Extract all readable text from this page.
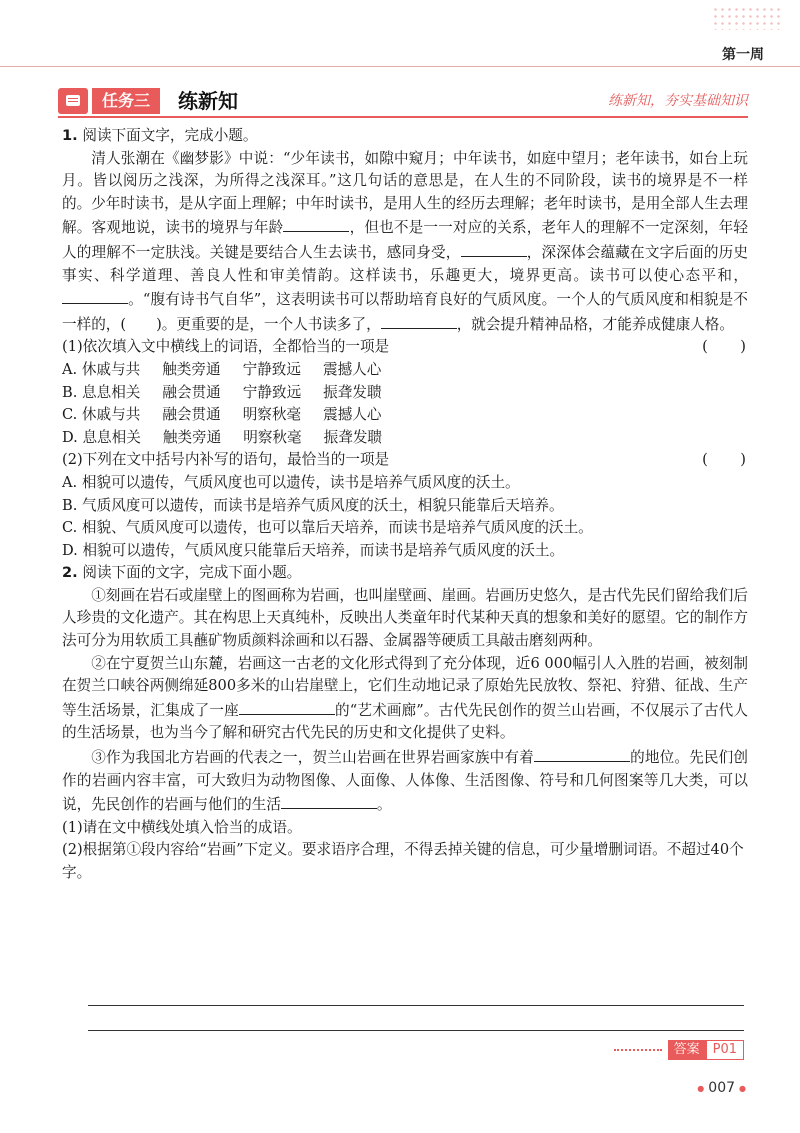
第一周
任务三	练新知	练新知，夯实基础知识

1. 阅读下面文字，完成小题。

清人张潮在《幽梦影》中说：“少年读书，如隙中窥月；中年读书，如庭中望月；老年读书，如台上玩月。皆以阅历之浅深，为所得之浅深耳。”这几句话的意思是，在人生的不同阶段，读书的境界是不一样的。少年时读书，是从字面上理解；中年时读书，是用人生的经历去理解；老年时读书，是用全部人生去理解。客观地说，读书的境界与年龄	，但也不是一一对应的关系，老年人的理解不一定深刻，年轻人的理解不一定肤浅。关键是要结合人生去读书，感同身受，	，深深体会蕴藏在文字后面的历史事实、科学道理、善良人性和审美情韵。这样读书，乐趣更大，境界更高。读书可以使心态平和，。“腹有诗书气自华”，这表明读书可以帮助培育良好的气质风度。一个人的气质风度和相貌是不一样的，( )。更重要的是，一个人书读多了，	，就会提升精神品格，才能养成健康人格。

(1)依次填入文中横线上的词语，全都恰当的一项是	(       )

A. 休戚与共 触类旁通 宁静致远 震撼人心

B. 息息相关 融会贯通 宁静致远 振聋发聩

C. 休戚与共 融会贯通 明察秋毫 震撼人心

D. 息息相关 触类旁通 明察秋毫 振聋发聩

(2)下列在文中括号内补写的语句，最恰当的一项是	(       )

A. 相貌可以遗传，气质风度也可以遗传，读书是培养气质风度的沃土。

B. 气质风度可以遗传，而读书是培养气质风度的沃土，相貌只能靠后天培养。

C. 相貌、气质风度可以遗传，也可以靠后天培养，而读书是培养气质风度的沃土。

D. 相貌可以遗传，气质风度只能靠后天培养，而读书是培养气质风度的沃土。

2. 阅读下面的文字，完成下面小题。

①刻画在岩石或崖壁上的图画称为岩画，也叫崖壁画、崖画。岩画历史悠久，是古代先民们留给我们后人珍贵的文化遗产。其在构思上天真纯朴，反映出人类童年时代某种天真的想象和美好的愿望。它的制作方法可分为用软质工具蘸矿物质颜料涂画和以石器、金属器等硬质工具敲击磨刻两种。

②在宁夏贺兰山东麓，岩画这一古老的文化形式得到了充分体现，近6 000幅引人入胜的岩画，被刻制在贺兰口峡谷两侧绵延800多米的山岩崖壁上，它们生动地记录了原始先民放牧、祭祀、狩猎、征战、生产等生活场景，汇集成了一座	的“艺术画廊”。古代先民创作的贺兰山岩画，不仅展示了古代人的生活场景，也为当今了解和研究古代先民的历史和文化提供了史料。

③作为我国北方岩画的代表之一，贺兰山岩画在世界岩画家族中有着	的地位。先民们创作的岩画内容丰富，可大致归为动物图像、人面像、人体像、生活图像、符号和几何图案等几大类，可以说，先民创作的岩画与他们的生活	。

(1)请在文中横线处填入恰当的成语。

(2)根据第①段内容给“岩画”下定义。要求语序合理，不得丢掉关键的信息，可少量增删词语。不超过40个字。

答案	P01
● 007 ●
